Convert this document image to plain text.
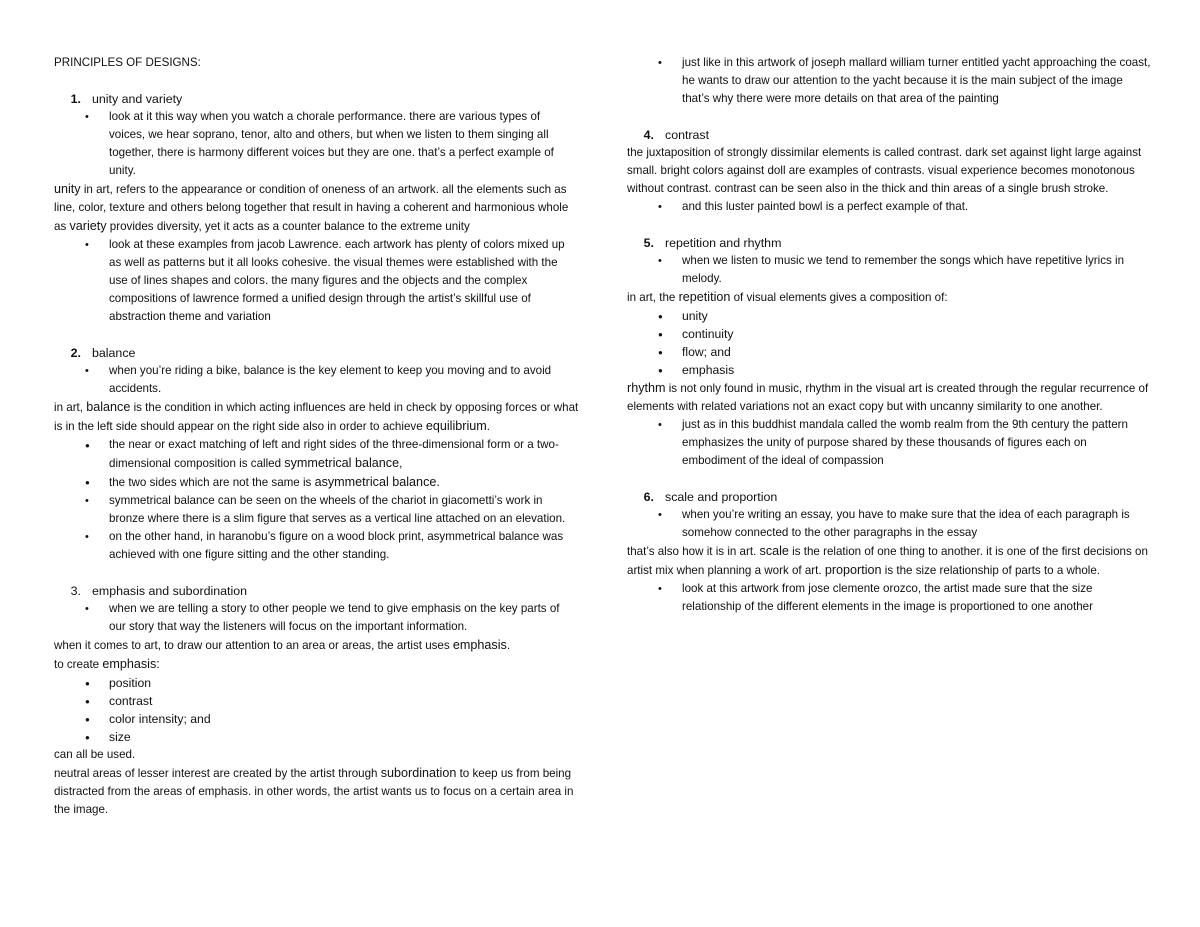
PRINCIPLES OF DESIGNS:
1. unity and variety
• look at it this way when you watch a chorale performance. there are various types of voices, we hear soprano, tenor, alto and others, but when we listen to them singing all together, there is harmony different voices but they are one. that’s a perfect example of unity.

unity in art, refers to the appearance or condition of oneness of an artwork. all the elements such as line, color, texture and others belong together that result in having a coherent and harmonious whole as variety provides diversity, yet it acts as a counter balance to the extreme unity

• look at these examples from jacob Lawrence. each artwork has plenty of colors mixed up as well as patterns but it all looks cohesive. the visual themes were established with the use of lines shapes and colors. the many figures and the objects and the complex compositions of lawrence formed a unified design through the artist’s skillful use of abstraction theme and variation
2. balance
• when you’re riding a bike, balance is the key element to keep you moving and to avoid accidents.

in art, balance is the condition in which acting influences are held in check by opposing forces or what is in the left side should appear on the right side also in order to achieve equilibrium.

● the near or exact matching of left and right sides of the three-dimensional form or a two-dimensional composition is called symmetrical balance,
● the two sides which are not the same is asymmetrical balance.
• symmetrical balance can be seen on the wheels of the chariot in giacometti’s work in bronze where there is a slim figure that serves as a vertical line attached on an elevation.
• on the other hand, in haranobu’s figure on a wood block print, asymmetrical balance was achieved with one figure sitting and the other standing.
3. emphasis and subordination
• when we are telling a story to other people we tend to give emphasis on the key parts of our story that way the listeners will focus on the important information.

when it comes to art, to draw our attention to an area or areas, the artist uses emphasis.

to create emphasis:

● position
● contrast
● color intensity; and
● size

can all be used.

neutral areas of lesser interest are created by the artist through subordination to keep us from being distracted from the areas of emphasis. in other words, the artist wants us to focus on a certain area in the image.

• just like in this artwork of joseph mallard william turner entitled yacht approaching the coast, he wants to draw our attention to the yacht because it is the main subject of the image that’s why there were more details on that area of the painting
4. contrast

the juxtaposition of strongly dissimilar elements is called contrast. dark set against light large against small. bright colors against doll are examples of contrasts. visual experience becomes monotonous without contrast. contrast can be seen also in the thick and thin areas of a single brush stroke.

• and this luster painted bowl is a perfect example of that.
5. repetition and rhythm
• when we listen to music we tend to remember the songs which have repetitive lyrics in melody.

in art, the repetition of visual elements gives a composition of:

● unity
● continuity
● flow; and
● emphasis

rhythm is not only found in music, rhythm in the visual art is created through the regular recurrence of elements with related variations not an exact copy but with uncanny similarity to one another.

• just as in this buddhist mandala called the womb realm from the 9th century the pattern emphasizes the unity of purpose shared by these thousands of figures each on embodiment of the ideal of compassion
6. scale and proportion
• when you’re writing an essay, you have to make sure that the idea of each paragraph is somehow connected to the other paragraphs in the essay

that’s also how it is in art. scale is the relation of one thing to another. it is one of the first decisions on artist mix when planning a work of art. proportion is the size relationship of parts to a whole.

• look at this artwork from jose clemente orozco, the artist made sure that the size relationship of the different elements in the image is proportioned to one another
